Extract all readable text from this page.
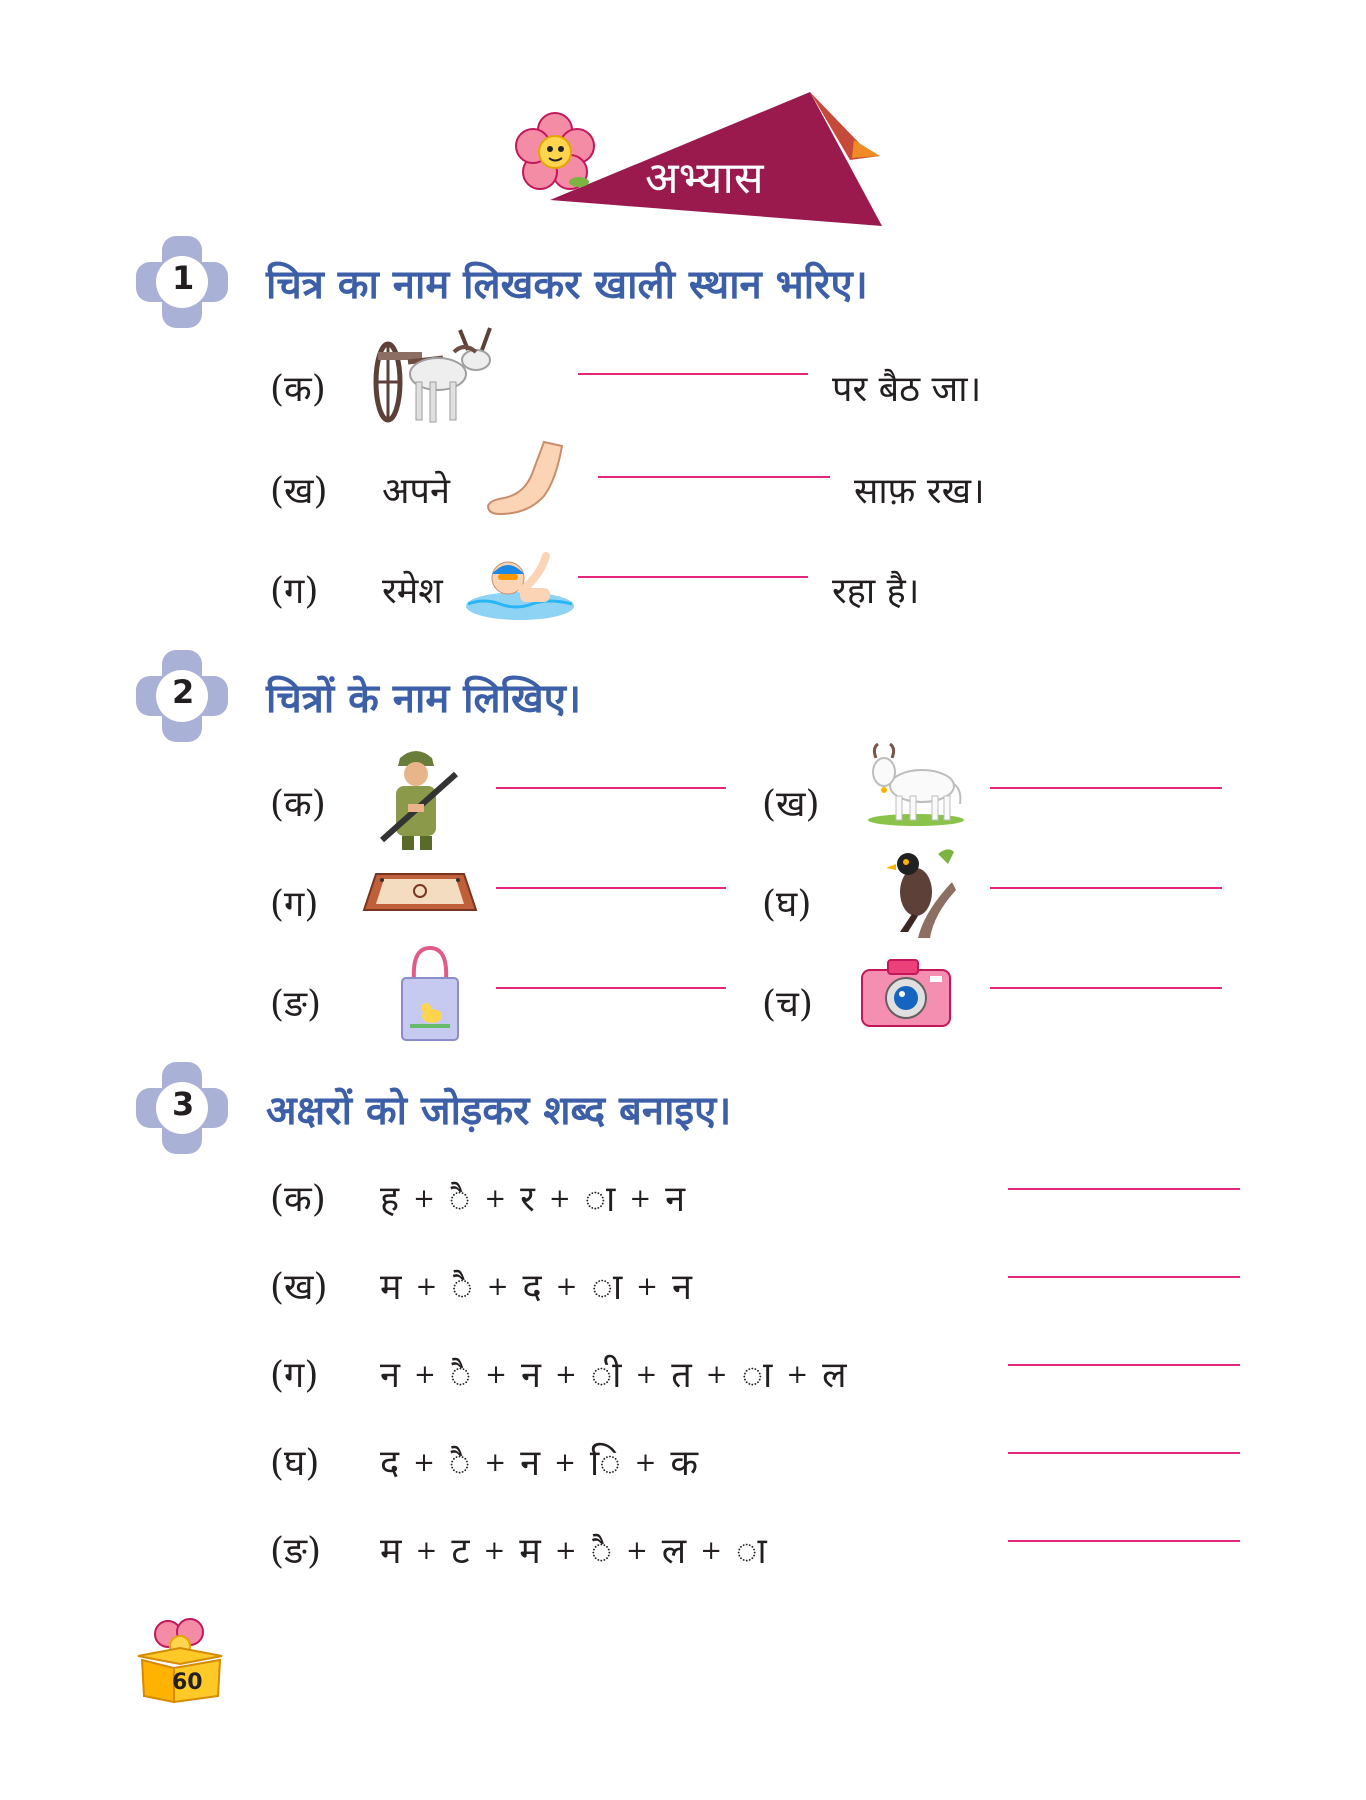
अभ्यास
1 चित्र का नाम लिखकर खाली स्थान भरिए।
(क)	पर बैठ जा।
(ख) अपने	साफ़ रख।
(ग) रमेश	रहा है।
2 चित्रों के नाम लिखिए।
(क)
(ग)
(ङ)
(ख)
(घ)
(च)
3 अक्षरों को जोड़कर शब्द बनाइए।
(क) ह + ै + र + ा + न
(ख) म + ै + द + ा + न
(ग) न + ै + न + ी + त + ा + ल
(घ) द + ै + न + ि + क
(ङ) म + ट + म + ै + ल + ा
60
